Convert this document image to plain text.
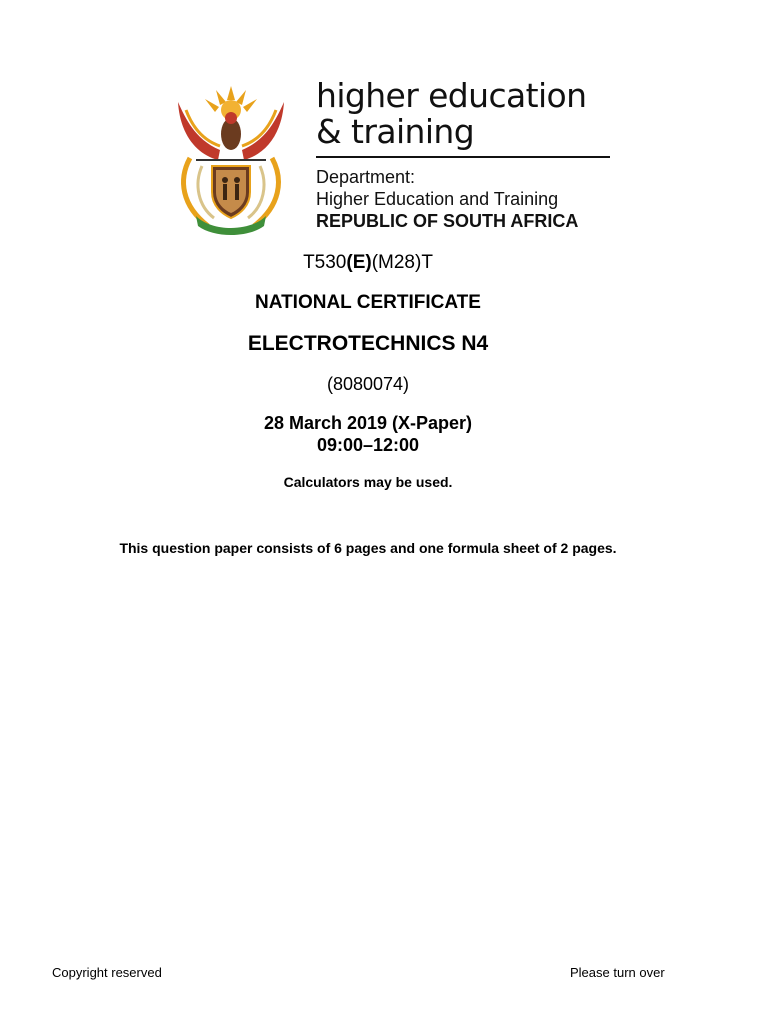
higher education
& training
Department:
Higher Education and Training
REPUBLIC OF SOUTH AFRICA
T530(E)(M28)T
NATIONAL CERTIFICATE
ELECTROTECHNICS N4
(8080074)
28 March 2019 (X-Paper)
09:00–12:00
Calculators may be used.
This question paper consists of 6 pages and one formula sheet of 2 pages.
Copyright reserved	Please turn over
